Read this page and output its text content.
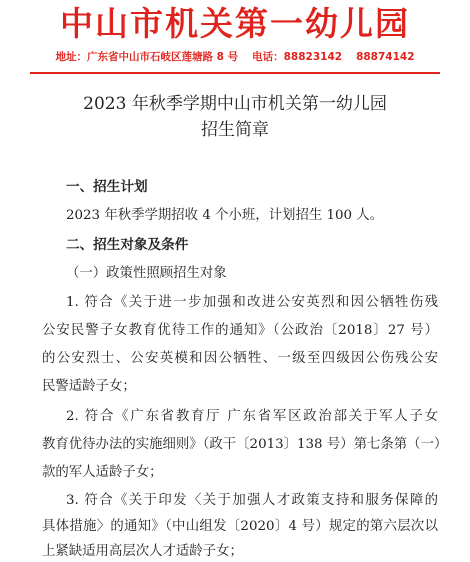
中山市机关第一幼儿园
地址：广东省中山市石岐区莲塘路 8 号 电话：88823142 88874142
2023 年秋季学期中山市机关第一幼儿园
招生简章
一、招生计划
2023 年秋季学期招收 4 个小班，计划招生 100 人。
二、招生对象及条件
（一）政策性照顾招生对象
1. 符合《关于进一步加强和改进公安英烈和因公牺牲伤残
公安民警子女教育优待工作的通知》（公政治〔2018〕27 号）
的公安烈士、公安英模和因公牺牲、一级至四级因公伤残公安
民警适龄子女；
2. 符合《广东省教育厅 广东省军区政治部关于军人子女
教育优待办法的实施细则》（政干〔2013〕138 号）第七条第（一）
款的军人适龄子女；
3. 符合《关于印发〈关于加强人才政策支持和服务保障的
具体措施〉的通知》（中山组发〔2020〕4 号）规定的第六层次以
上紧缺适用高层次人才适龄子女；
